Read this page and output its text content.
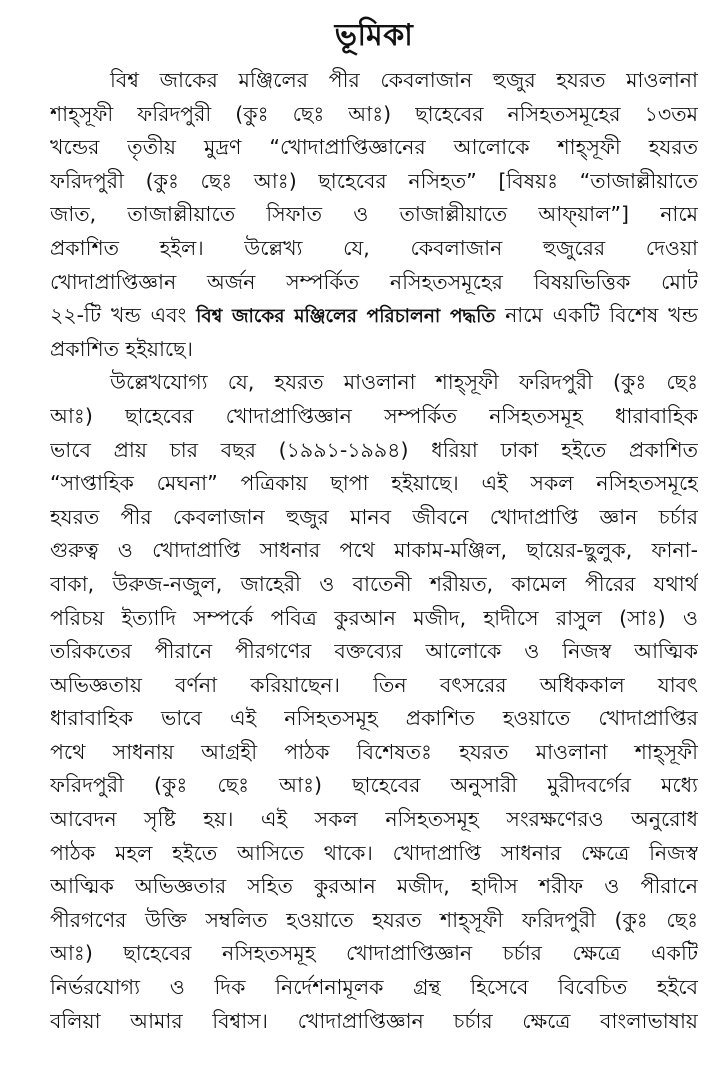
ভূমিকা
বিশ্ব জাকের মঞ্জিলের পীর কেবলাজান হুজুর হযরত মাওলানা
শাহ্‌সূফী ফরিদপুরী (কুঃ ছেঃ আঃ) ছাহেবের নসিহতসমূহের ১৩তম
খন্ডের তৃতীয় মুদ্রণ “খোদাপ্রাপ্তিজ্ঞানের আলোকে শাহ্‌সূফী হযরত
ফরিদপুরী (কুঃ ছেঃ আঃ) ছাহেবের নসিহত” [বিষয়ঃ “তাজাল্লীয়াতে
জাত, তাজাল্লীয়াতে সিফাত ও তাজাল্লীয়াতে আফ্‌য়াল”] নামে
প্রকাশিত হইল। উল্লেখ্য যে, কেবলাজান হুজুরের দেওয়া
খোদাপ্রাপ্তিজ্ঞান অর্জন সম্পর্কিত নসিহতসমূহের বিষয়ভিত্তিক মোট
২২-টি খন্ড এবং বিশ্ব জাকের মঞ্জিলের পরিচালনা পদ্ধতি নামে একটি বিশেষ খন্ড
প্রকাশিত হইয়াছে।
উল্লেখযোগ্য যে, হযরত মাওলানা শাহ্‌সূফী ফরিদপুরী (কুঃ ছেঃ
আঃ) ছাহেবের খোদাপ্রাপ্তিজ্ঞান সম্পর্কিত নসিহতসমূহ ধারাবাহিক
ভাবে প্রায় চার বছর (১৯৯১-১৯৯৪) ধরিয়া ঢাকা হইতে প্রকাশিত
“সাপ্তাহিক মেঘনা” পত্রিকায় ছাপা হইয়াছে। এই সকল নসিহতসমূহে
হযরত পীর কেবলাজান হুজুর মানব জীবনে খোদাপ্রাপ্তি জ্ঞান চর্চার
গুরুত্ব ও খোদাপ্রাপ্তি সাধনার পথে মাকাম-মঞ্জিল, ছায়ের-ছুলুক, ফানা-
বাকা, উরুজ-নজুল, জাহেরী ও বাতেনী শরীয়ত, কামেল পীরের যথার্থ
পরিচয় ইত্যাদি সম্পর্কে পবিত্র কুরআন মজীদ, হাদীসে রাসুল (সাঃ) ও
তরিকতের পীরানে পীরগণের বক্তব্যের আলোকে ও নিজস্ব আত্মিক
অভিজ্ঞতায় বর্ণনা করিয়াছেন। তিন বৎসরের অধিককাল যাবৎ
ধারাবাহিক ভাবে এই নসিহতসমূহ প্রকাশিত হওয়াতে খোদাপ্রাপ্তির
পথে সাধনায় আগ্রহী পাঠক বিশেষতঃ হযরত মাওলানা শাহ্‌সূফী
ফরিদপুরী (কুঃ ছেঃ আঃ) ছাহেবের অনুসারী মুরীদবর্গের মধ্যে
আবেদন সৃষ্টি হয়। এই সকল নসিহতসমূহ সংরক্ষণেরও অনুরোধ
পাঠক মহল হইতে আসিতে থাকে। খোদাপ্রাপ্তি সাধনার ক্ষেত্রে নিজস্ব
আত্মিক অভিজ্ঞতার সহিত কুরআন মজীদ, হাদীস শরীফ ও পীরানে
পীরগণের উক্তি সম্বলিত হওয়াতে হযরত শাহ্‌সূফী ফরিদপুরী (কুঃ ছেঃ
আঃ) ছাহেবের নসিহতসমূহ খোদাপ্রাপ্তিজ্ঞান চর্চার ক্ষেত্রে একটি
নির্ভরযোগ্য ও দিক নির্দেশনামূলক গ্রন্থ হিসেবে বিবেচিত হইবে
বলিয়া আমার বিশ্বাস। খোদাপ্রাপ্তিজ্ঞান চর্চার ক্ষেত্রে বাংলাভাষায়
